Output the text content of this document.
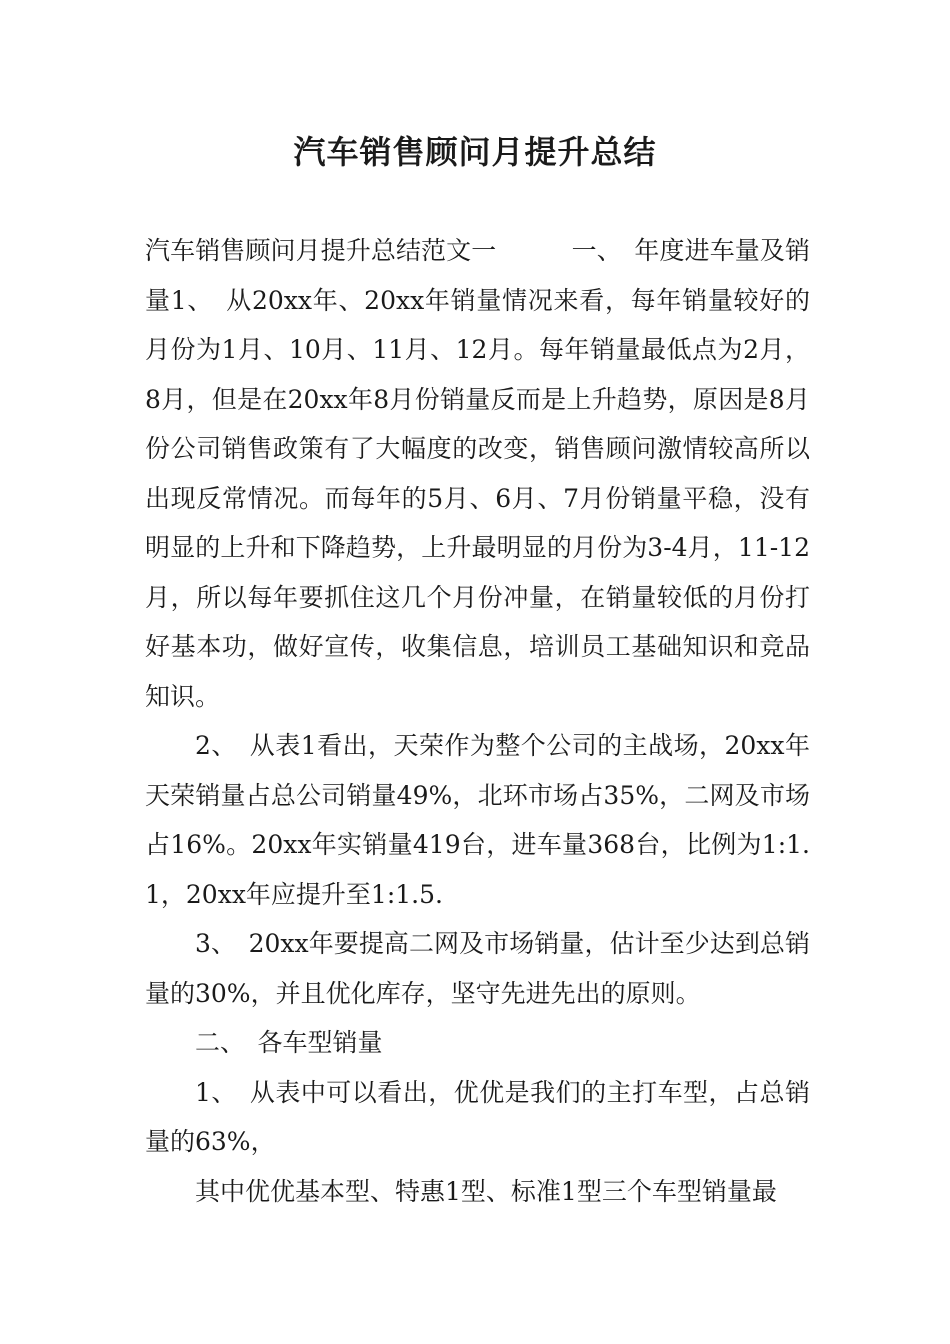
汽车销售顾问月提升总结

汽车销售顾问月提升总结范文一　　　一、　年度进车量及销量1、　从20xx年、20xx年销量情况来看，每年销量较好的月份为1月、10月、11月、12月。每年销量最低点为2月，8月，但是在20xx年8月份销量反而是上升趋势，原因是8月份公司销售政策有了大幅度的改变，销售顾问激情较高所以出现反常情况。而每年的5月、6月、7月份销量平稳，没有明显的上升和下降趋势，上升最明显的月份为3-4月，11-12月，所以每年要抓住这几个月份冲量，在销量较低的月份打好基本功，做好宣传，收集信息，培训员工基础知识和竞品知识。

2、　从表1看出，天荣作为整个公司的主战场，20xx年天荣销量占总公司销量49%，北环市场占35%，二网及市场占16%。20xx年实销量419台，进车量368台，比例为1:1.1，20xx年应提升至1:1.5.

3、　20xx年要提高二网及市场销量，估计至少达到总销量的30%，并且优化库存，坚守先进先出的原则。

二、　各车型销量

1、　从表中可以看出，优优是我们的主打车型，占总销量的63%，

其中优优基本型、特惠1型、标准1型三个车型销量最
